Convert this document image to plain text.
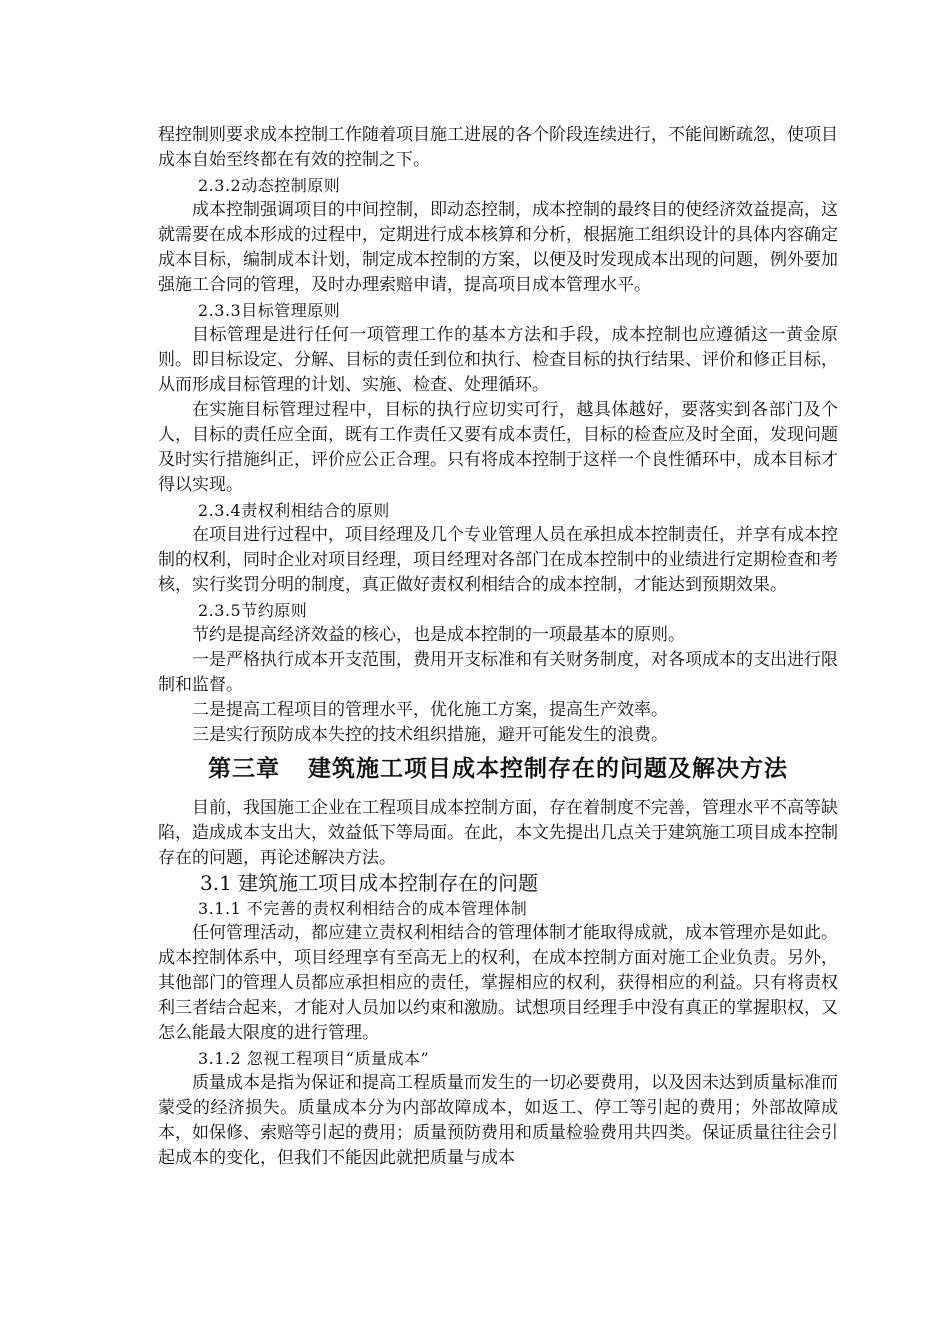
程控制则要求成本控制工作随着项目施工进展的各个阶段连续进行，不能间断疏忽，使项目成本自始至终都在有效的控制之下。

2.3.2动态控制原则

成本控制强调项目的中间控制，即动态控制，成本控制的最终目的使经济效益提高，这就需要在成本形成的过程中，定期进行成本核算和分析，根据施工组织设计的具体内容确定成本目标，编制成本计划，制定成本控制的方案，以便及时发现成本出现的问题，例外要加强施工合同的管理，及时办理索赔申请，提高项目成本管理水平。

2.3.3目标管理原则

目标管理是进行任何一项管理工作的基本方法和手段，成本控制也应遵循这一黄金原则。即目标设定、分解、目标的责任到位和执行、检查目标的执行结果、评价和修正目标，从而形成目标管理的计划、实施、检查、处理循环。

在实施目标管理过程中，目标的执行应切实可行，越具体越好，要落实到各部门及个人，目标的责任应全面，既有工作责任又要有成本责任，目标的检查应及时全面，发现问题及时实行措施纠正，评价应公正合理。只有将成本控制于这样一个良性循环中，成本目标才得以实现。

2.3.4责权利相结合的原则

在项目进行过程中，项目经理及几个专业管理人员在承担成本控制责任，并享有成本控制的权利，同时企业对项目经理，项目经理对各部门在成本控制中的业绩进行定期检查和考核，实行奖罚分明的制度，真正做好责权利相结合的成本控制，才能达到预期效果。

2.3.5节约原则

节约是提高经济效益的核心，也是成本控制的一项最基本的原则。

一是严格执行成本开支范围，费用开支标准和有关财务制度，对各项成本的支出进行限制和监督。

二是提高工程项目的管理水平，优化施工方案，提高生产效率。

三是实行预防成本失控的技术组织措施，避开可能发生的浪费。

第三章 建筑施工项目成本控制存在的问题及解决方法

目前，我国施工企业在工程项目成本控制方面，存在着制度不完善，管理水平不高等缺陷，造成成本支出大，效益低下等局面。在此，本文先提出几点关于建筑施工项目成本控制存在的问题，再论述解决方法。

3.1 建筑施工项目成本控制存在的问题

3.1.1 不完善的责权利相结合的成本管理体制

任何管理活动，都应建立责权利相结合的管理体制才能取得成就，成本管理亦是如此。成本控制体系中，项目经理享有至高无上的权利，在成本控制方面对施工企业负责。另外，其他部门的管理人员都应承担相应的责任，掌握相应的权利，获得相应的利益。只有将责权利三者结合起来，才能对人员加以约束和激励。试想项目经理手中没有真正的掌握职权，又怎么能最大限度的进行管理。

3.1.2 忽视工程项目“质量成本”

质量成本是指为保证和提高工程质量而发生的一切必要费用，以及因未达到质量标准而蒙受的经济损失。质量成本分为内部故障成本，如返工、停工等引起的费用；外部故障成本，如保修、索赔等引起的费用；质量预防费用和质量检验费用共四类。保证质量往往会引起成本的变化，但我们不能因此就把质量与成本
